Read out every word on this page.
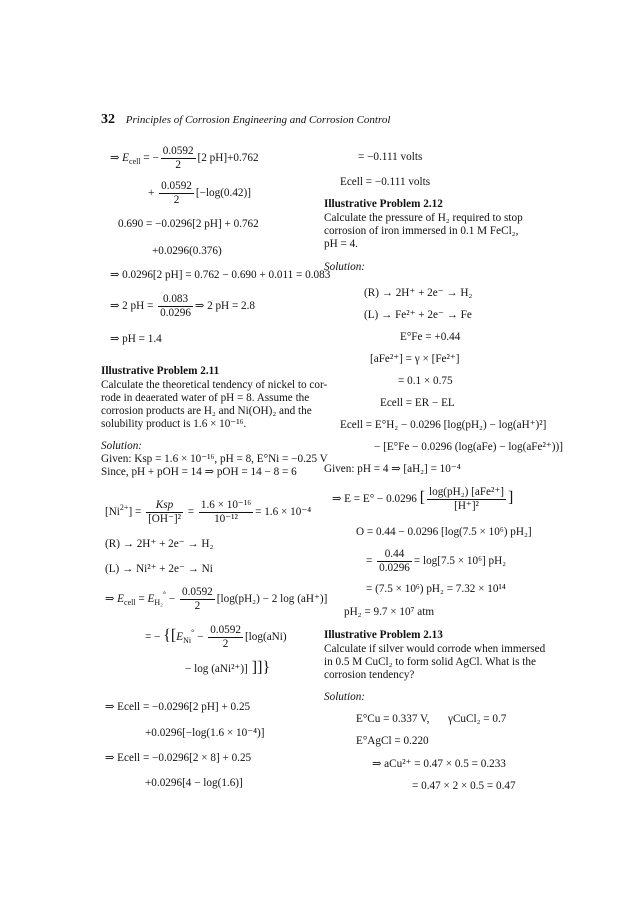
32 Principles of Corrosion Engineering and Corrosion Control
⇒ $E_{cell}$ = − $\frac{0.0592}{2} [2$ pH]+0.762
+ $\frac{0.0592}{2} [-\log(0.42)]$
0.690 = −0.0296[2 pH] + 0.762
+0.0296(0.376)
⇒ 0.0296[2 pH] = 0.762 − 0.690 + 0.011 = 0.083
⇒ 2 pH = $\frac{0.083}{0.0296}$ ⇒ 2 pH = 2.8
⇒ pH = 1.4
Illustrative Problem 2.11
Calculate the theoretical tendency of nickel to cor-
rode in deaerated water of pH = 8. Assume the
corrosion products are H₂ and Ni(OH)₂ and the
solubility product is 1.6 × 10⁻¹⁶.
Solution:
Given: Ksp = 1.6 × 10⁻¹⁶, pH = 8, E°Ni = −0.25 V
Since, pH + pOH = 14 ⇒ pOH = 14 − 8 = 6
$[Ni^{2+}] = \frac{\text{Ksp}}{\text{[OH⁻]²}} = \frac{\text{1.6 × 10⁻¹⁶}}{\text{10⁻¹²}} = 1.6 \times 10^{-4}$
(R) → 2H⁺ + 2e⁻ → H₂
(L) → Ni²⁺ + 2e⁻ → Ni
⇒ $E_{cell} = E_{H_2}^\circ - \frac{0.0592}{2} [\log(pH_2) - 2$ log (aH⁺)]
= − {[$E_{Ni}^\circ - \frac{0.0592}{2} [\log(aNi)$
− log (aNi²⁺)] ]]}
⇒ Ecell = −0.0296[2 pH] + 0.25
+0.0296[−log(1.6 × 10⁻⁴)]
⇒ Ecell = −0.0296[2 × 8] + 0.25
+0.0296[4 − log(1.6)]
= −0.111 volts
Ecell = −0.111 volts
Illustrative Problem 2.12
Calculate the pressure of H₂ required to stop
corrosion of iron immersed in 0.1 M FeCl₂,
pH = 4.
Solution:
(R) → 2H⁺ + 2e⁻ → H₂
(L) → Fe²⁺ + 2e⁻ → Fe
E°Fe = +0.44
[aFe²⁺] = γ × [Fe²⁺]
= 0.1 × 0.75
Ecell = ER − EL
Ecell = E°H₂ − 0.0296 [log(pH₂) − log(aH⁺)²]
− [E°Fe − 0.0296 (log(aFe) − log(aFe²⁺))]
Given: pH = 4 ⇒ [aH₂] = 10⁻⁴
⇒ E = E° − 0.0296 [ $\frac{\text{log(pH₂) [aFe²⁺]}}{\text{[H⁺]²}}$ ]
O = 0.44 − 0.0296 [log(7.5 × 10⁶) pH₂]
= $\frac{0.44}{0.0296} = \log[7.5 \times 10^6]$ pH₂
= (7.5 × 10⁶) pH₂ = 7.32 × 10¹⁴
pH₂ = 9.7 × 10⁷ atm
Illustrative Problem 2.13
Calculate if silver would corrode when immersed
in 0.5 M CuCl₂ to form solid AgCl. What is the
corrosion tendency?
Solution:
E°Cu = 0.337 V, γCuCl₂ = 0.7
E°AgCl = 0.220
⇒ aCu²⁺ = 0.47 × 0.5 = 0.233
= 0.47 × 2 × 0.5 = 0.47
